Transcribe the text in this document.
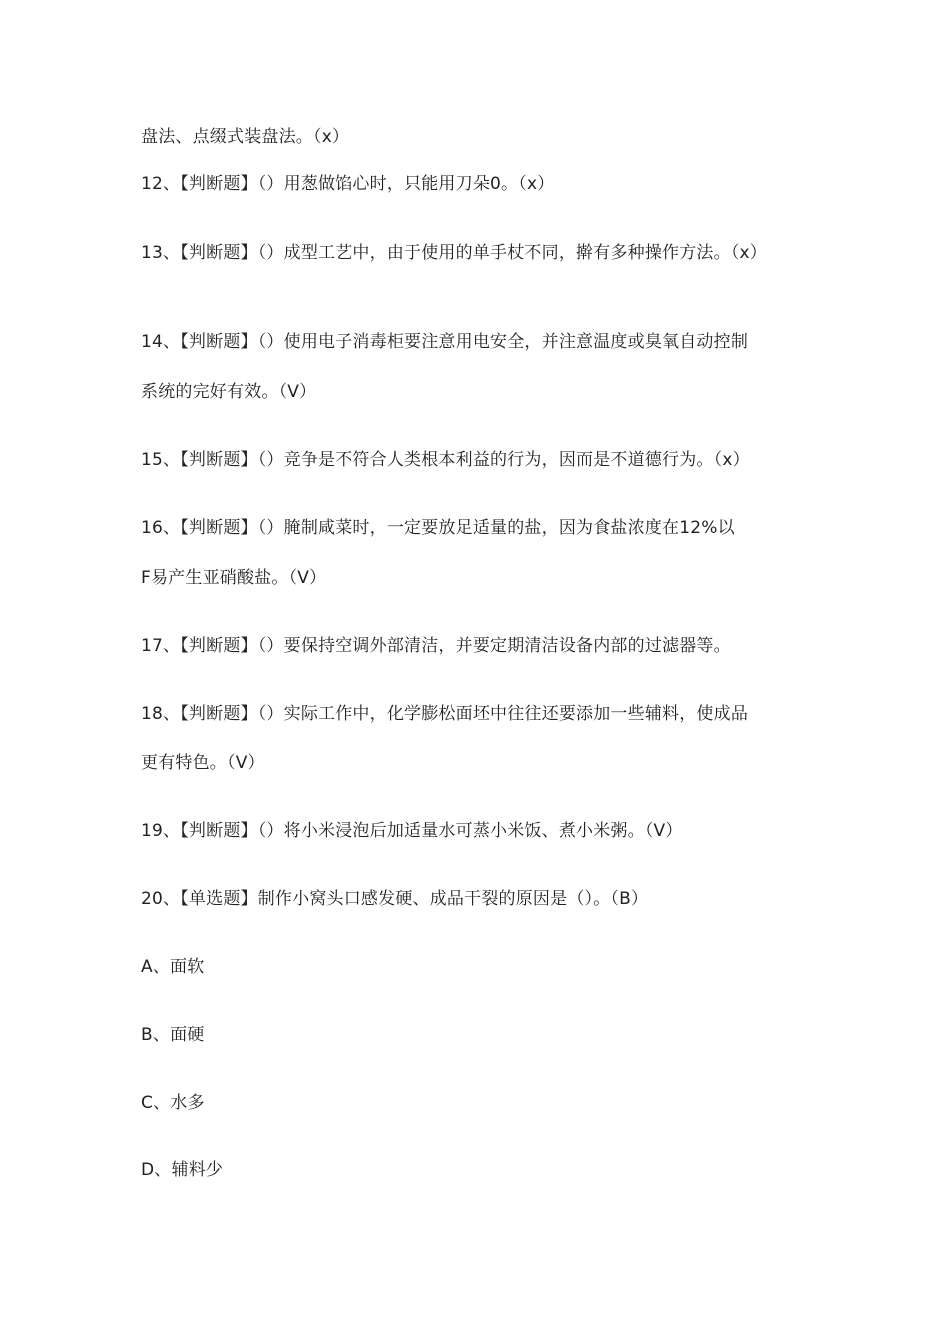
盘法、点缀式装盘法。（x）
12、【判断题】（）用葱做馅心时，只能用刀朵0。（x）
13、【判断题】（）成型工艺中，由于使用的单手杖不同，擀有多种操作方法。（x）
14、【判断题】（）使用电子消毒柜要注意用电安全，并注意温度或臭氧自动控制
系统的完好有效。（V）
15、【判断题】（）竞争是不符合人类根本利益的行为，因而是不道德行为。（x）
16、【判断题】（）腌制咸菜时，一定要放足适量的盐，因为食盐浓度在12%以
F易产生亚硝酸盐。（V）
17、【判断题】（）要保持空调外部清洁，并要定期清洁设备内部的过滤器等。
18、【判断题】（）实际工作中，化学膨松面坯中往往还要添加一些辅料，使成品
更有特色。（V）
19、【判断题】（）将小米浸泡后加适量水可蒸小米饭、煮小米粥。（V）
20、【单选题】制作小窝头口感发硬、成品干裂的原因是（）。（B）
A、面软
B、面硬
C、水多
D、辅料少
